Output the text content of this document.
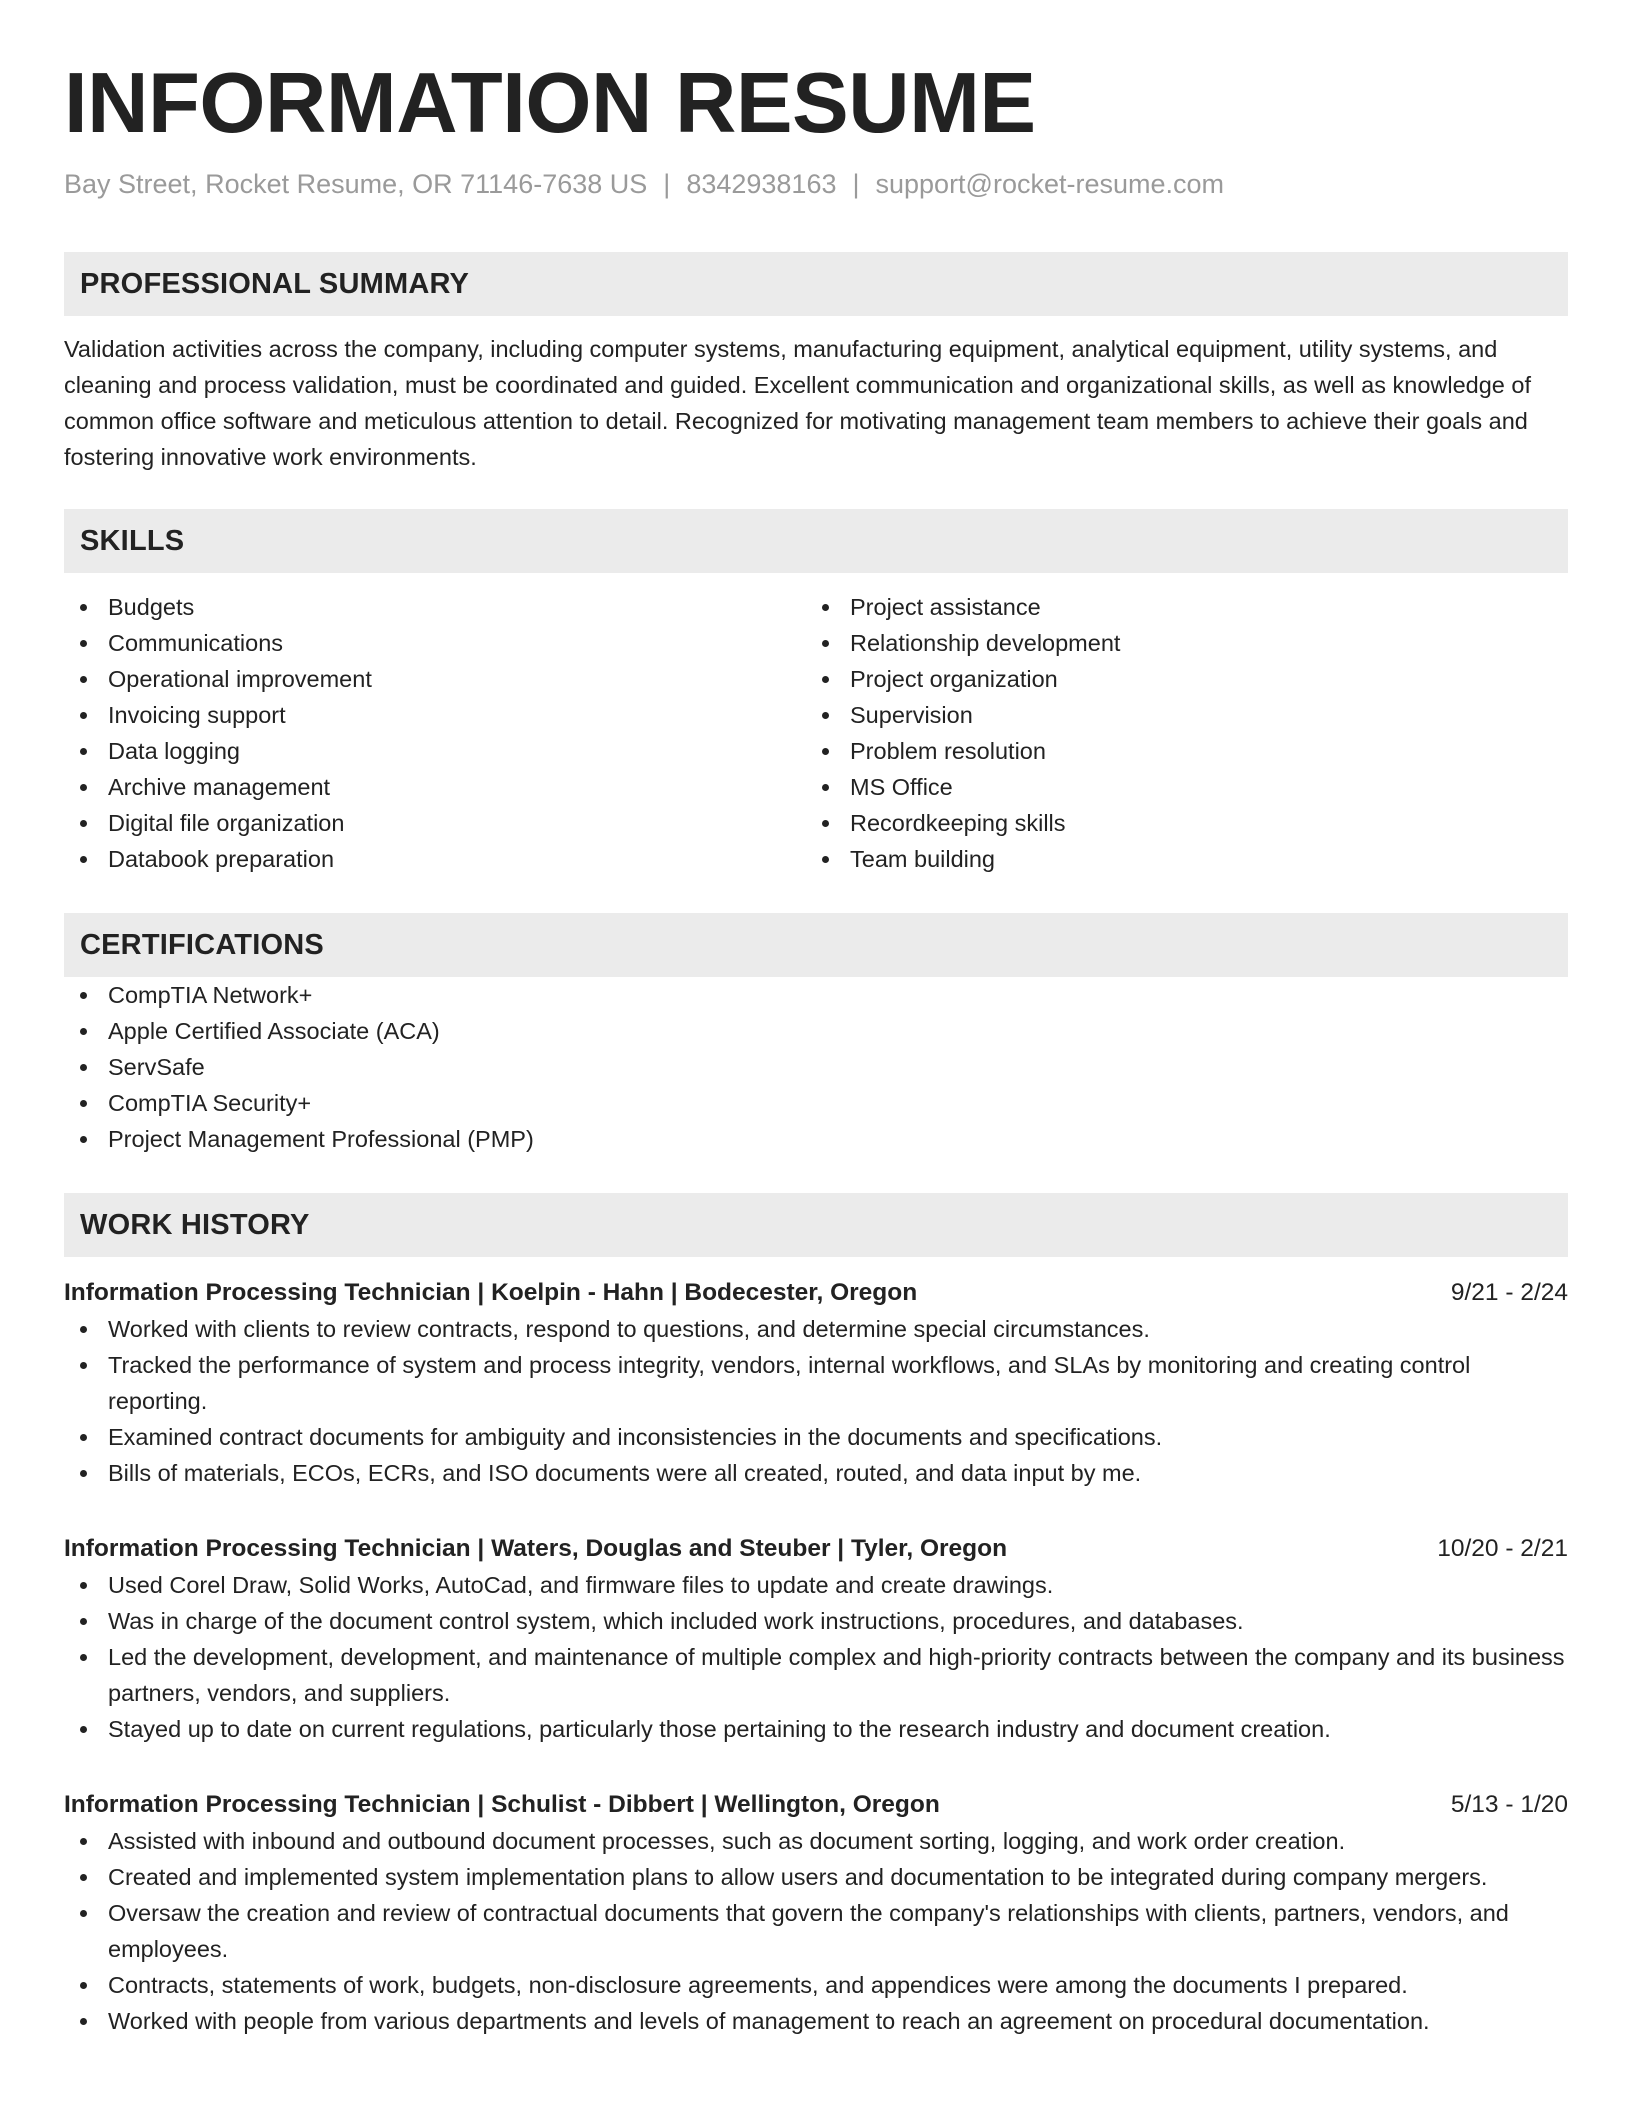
INFORMATION RESUME
Bay Street, Rocket Resume, OR 71146-7638 US | 8342938163 | support@rocket-resume.com
PROFESSIONAL SUMMARY
Validation activities across the company, including computer systems, manufacturing equipment, analytical equipment, utility systems, and cleaning and process validation, must be coordinated and guided. Excellent communication and organizational skills, as well as knowledge of common office software and meticulous attention to detail. Recognized for motivating management team members to achieve their goals and fostering innovative work environments.
SKILLS
Budgets
Communications
Operational improvement
Invoicing support
Data logging
Archive management
Digital file organization
Databook preparation
Project assistance
Relationship development
Project organization
Supervision
Problem resolution
MS Office
Recordkeeping skills
Team building
CERTIFICATIONS
CompTIA Network+
Apple Certified Associate (ACA)
ServSafe
CompTIA Security+
Project Management Professional (PMP)
WORK HISTORY
Information Processing Technician | Koelpin - Hahn | Bodecester, Oregon	9/21 - 2/24
Worked with clients to review contracts, respond to questions, and determine special circumstances.
Tracked the performance of system and process integrity, vendors, internal workflows, and SLAs by monitoring and creating control reporting.
Examined contract documents for ambiguity and inconsistencies in the documents and specifications.
Bills of materials, ECOs, ECRs, and ISO documents were all created, routed, and data input by me.
Information Processing Technician | Waters, Douglas and Steuber | Tyler, Oregon	10/20 - 2/21
Used Corel Draw, Solid Works, AutoCad, and firmware files to update and create drawings.
Was in charge of the document control system, which included work instructions, procedures, and databases.
Led the development, development, and maintenance of multiple complex and high-priority contracts between the company and its business partners, vendors, and suppliers.
Stayed up to date on current regulations, particularly those pertaining to the research industry and document creation.
Information Processing Technician | Schulist - Dibbert | Wellington, Oregon	5/13 - 1/20
Assisted with inbound and outbound document processes, such as document sorting, logging, and work order creation.
Created and implemented system implementation plans to allow users and documentation to be integrated during company mergers.
Oversaw the creation and review of contractual documents that govern the company's relationships with clients, partners, vendors, and employees.
Contracts, statements of work, budgets, non-disclosure agreements, and appendices were among the documents I prepared.
Worked with people from various departments and levels of management to reach an agreement on procedural documentation.
